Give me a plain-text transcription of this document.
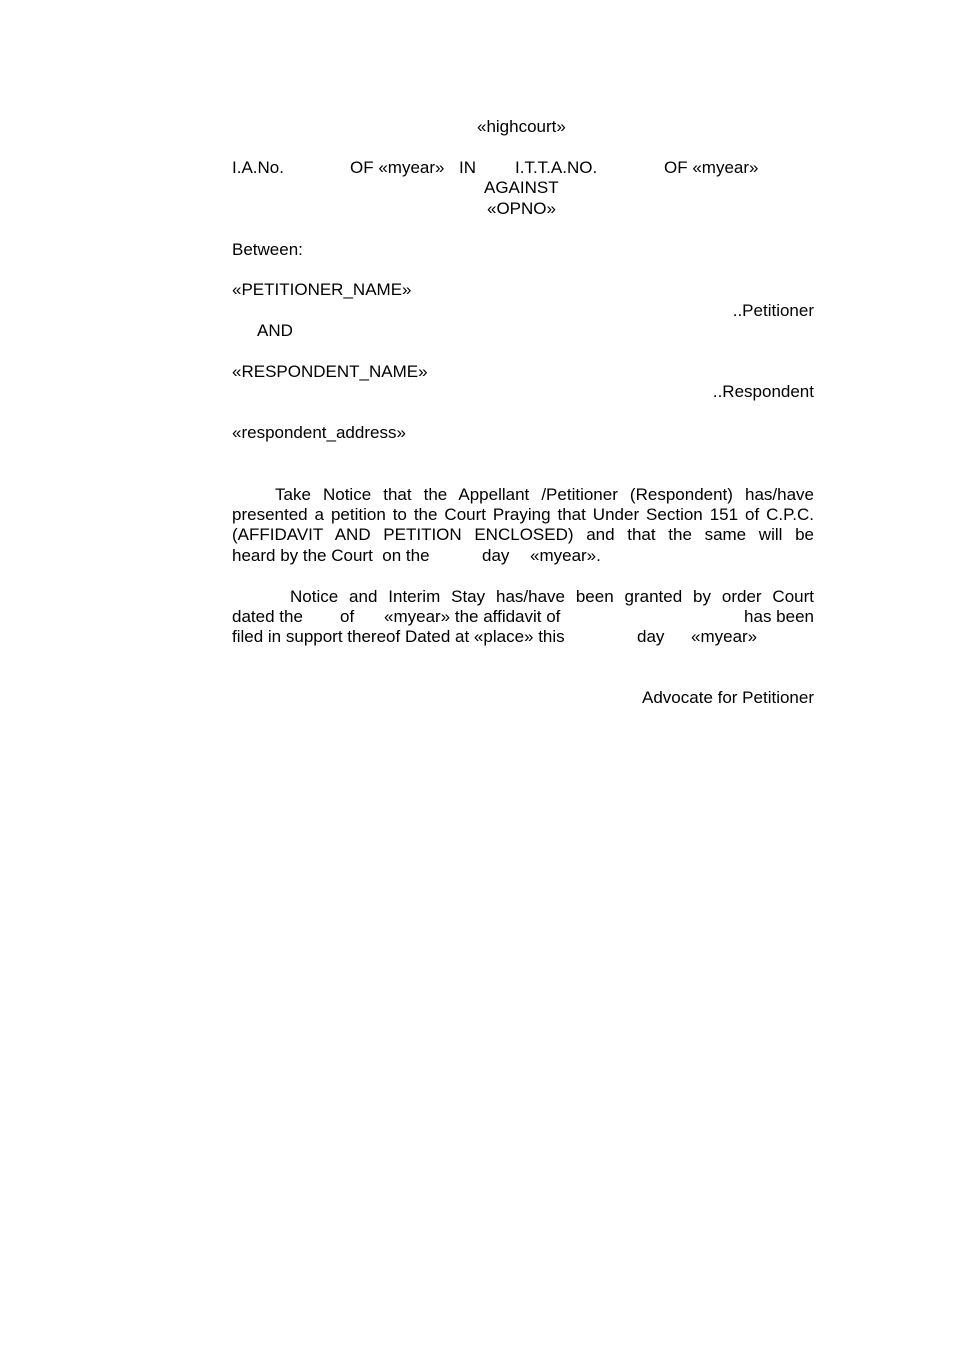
«highcourt»
I.A.No.	OF «myear» IN I.T.T.A.NO.	OF «myear»
AGAINST
«OPNO»
Between:
«PETITIONER_NAME»
..Petitioner
AND
«RESPONDENT_NAME»
..Respondent
«respondent_address»
Take Notice that the Appellant /Petitioner (Respondent) has/have
presented a petition to the Court Praying that Under Section 151 of C.P.C.
(AFFIDAVIT AND PETITION ENCLOSED) and that the same will be
heard by the Court  on the	day «myear».
Notice and Interim Stay has/have been granted by order Court
dated the of «myear» the affidavit of	has been
filed in support thereof Dated at «place» this	day «myear»
Advocate for Petitioner
